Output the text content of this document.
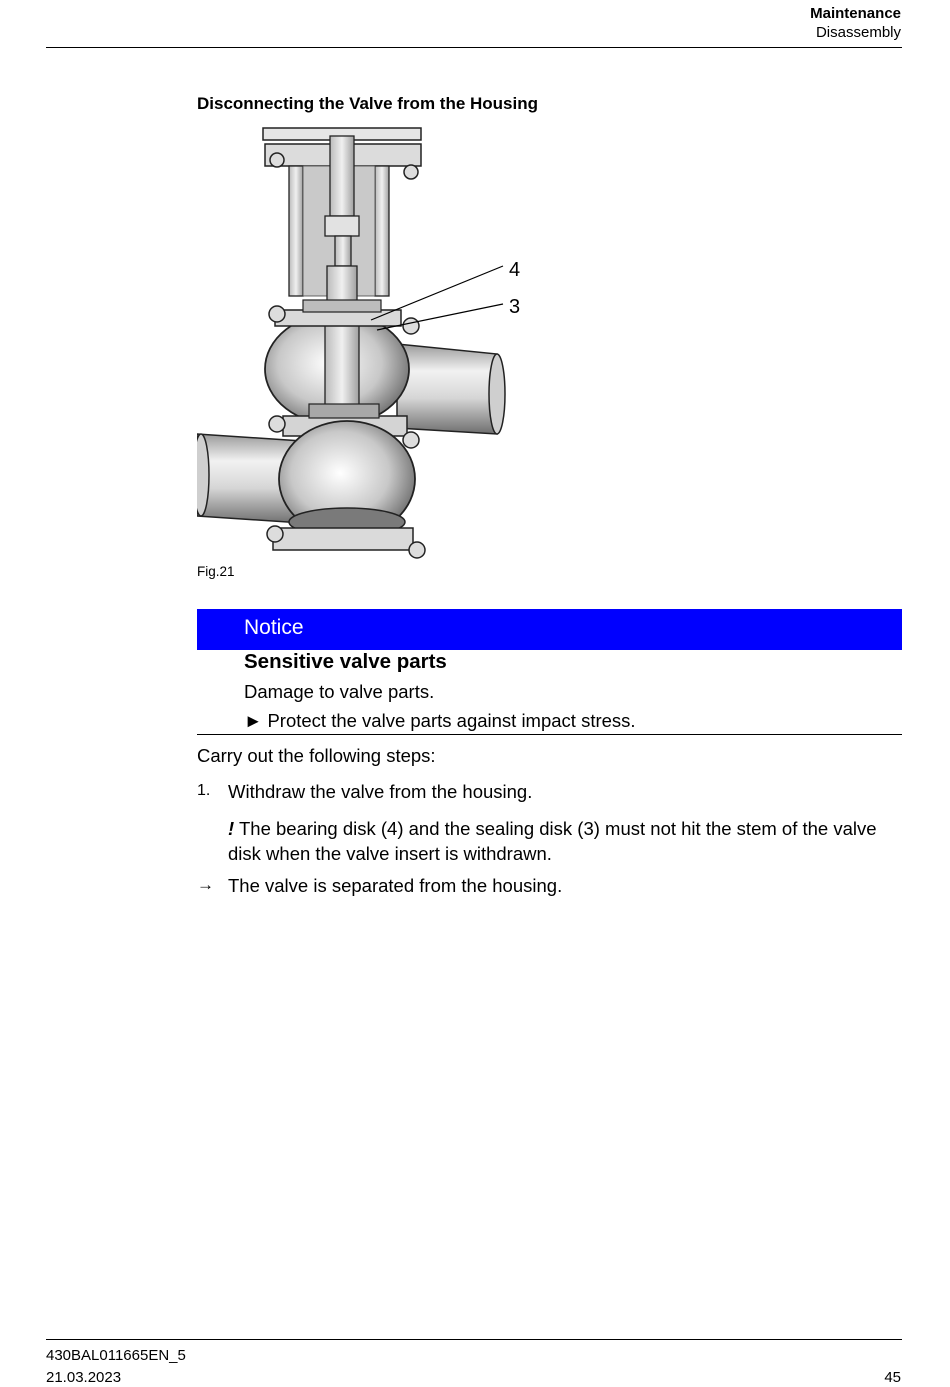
Maintenance
Disassembly
Disconnecting the Valve from the Housing
4
3
Fig.21
Notice
Sensitive valve parts
Damage to valve parts.
► Protect the valve parts against impact stress.
Carry out the following steps:
1. Withdraw the valve from the housing.
! The bearing disk (4) and the sealing disk (3) must not hit the stem of the valve disk when the valve insert is withdrawn.
→ The valve is separated from the housing.
430BAL011665EN_5
21.03.2023	45
